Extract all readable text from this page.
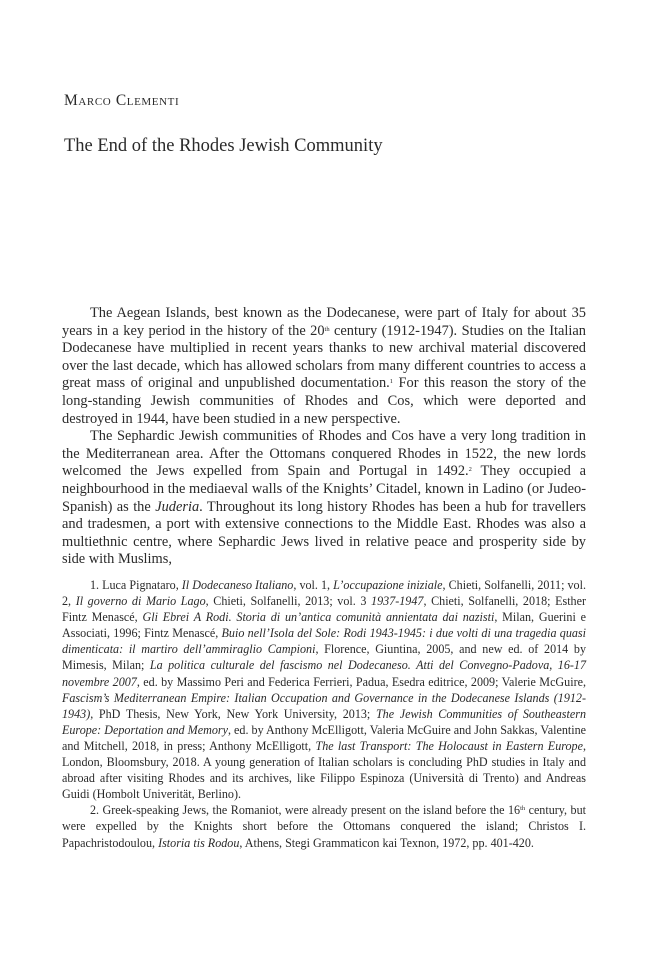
Marco Clementi
The End of the Rhodes Jewish Community

The Aegean Islands, best known as the Dodecanese, were part of Italy for about 35 years in a key period in the history of the 20th century (1912-1947). Studies on the Italian Dodecanese have multiplied in recent years thanks to new archival material discovered over the last decade, which has allowed scholars from many different countries to access a great mass of original and unpublished documentation.$^1$ For this reason the story of the long-standing Jewish communities of Rhodes and Cos, which were deported and destroyed in 1944, have been studied in a new perspective.

The Sephardic Jewish communities of Rhodes and Cos have a very long tradition in the Mediterranean area. After the Ottomans conquered Rhodes in 1522, the new lords welcomed the Jews expelled from Spain and Portugal in 1492.$^2$ They occupied a neighbourhood in the mediaeval walls of the Knights’ Citadel, known in Ladino (or Judeo-Spanish) as the Juderia. Throughout its long history Rhodes has been a hub for travellers and tradesmen, a port with extensive connections to the Middle East. Rhodes was also a multiethnic centre, where Sephardic Jews lived in relative peace and prosperity side by side with Muslims,

1. Luca Pignataro, Il Dodecaneso Italiano, vol. 1, L’occupazione iniziale, Chieti, Solfanelli, 2011; vol. 2, Il governo di Mario Lago, Chieti, Solfanelli, 2013; vol. 3 1937-1947, Chieti, Solfanelli, 2018; Esther Fintz Menascé, Gli Ebrei A Rodi. Storia di un’antica comunità annientata dai nazisti, Milan, Guerini e Associati, 1996; Fintz Menascé, Buio nell’Isola del Sole: Rodi 1943-1945: i due volti di una tragedia quasi dimenticata: il martiro dell’ammiraglio Campioni, Florence, Giuntina, 2005, and new ed. of 2014 by Mimesis, Milan; La politica culturale del fascismo nel Dodecaneso. Atti del Convegno-Padova, 16-17 novembre 2007, ed. by Massimo Peri and Federica Ferrieri, Padua, Esedra editrice, 2009; Valerie McGuire, Fascism’s Mediterranean Empire: Italian Occupation and Governance in the Dodecanese Islands (1912-1943), PhD Thesis, New York, New York University, 2013; The Jewish Communities of Southeastern Europe: Deportation and Memory, ed. by Anthony McElligott, Valeria McGuire and John Sakkas, Valentine and Mitchell, 2018, in press; Anthony McElligott, The last Transport: The Holocaust in Eastern Europe, London, Bloomsbury, 2018. A young generation of Italian scholars is concluding PhD studies in Italy and abroad after visiting Rhodes and its archives, like Filippo Espinoza (Università di Trento) and Andreas Guidi (Hombolt Univerität, Berlino).

2. Greek-speaking Jews, the Romaniot, were already present on the island before the 16th century, but were expelled by the Knights short before the Ottomans conquered the island; Christos I. Papachristodoulou, Istoria tis Rodou, Athens, Stegi Grammaticon kai Texnon, 1972, pp. 401-420.
